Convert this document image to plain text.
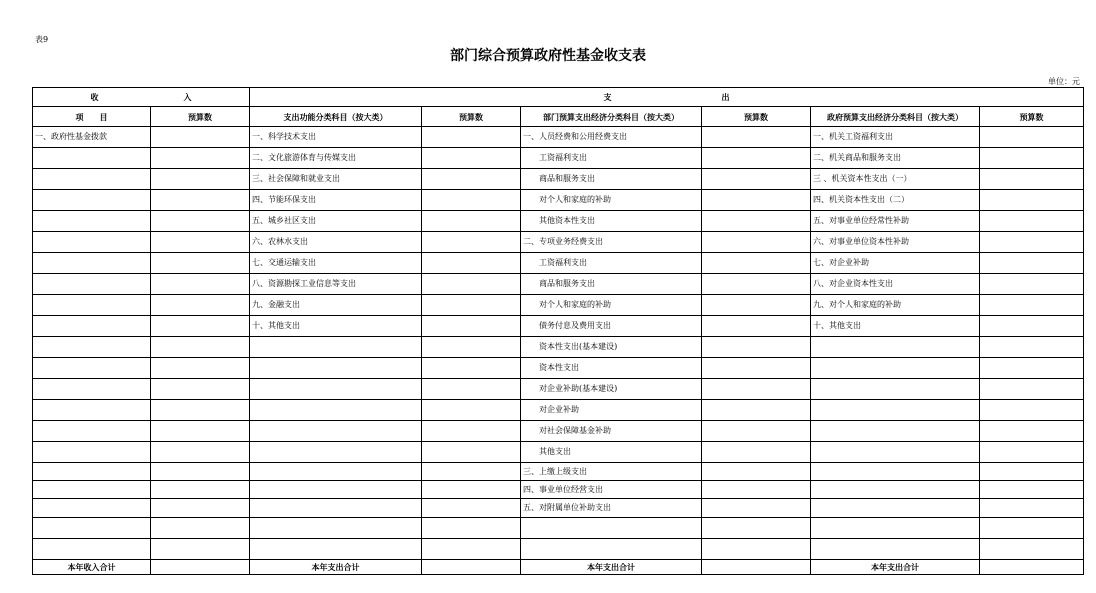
表9
部门综合预算政府性基金收支表
单位：元
收 入		支 出					
项　　目	预算数	支出功能分类科目（按大类）	预算数	部门预算支出经济分类科目（按大类）	预算数	政府预算支出经济分类科目（按大类）	预算数
一、政府性基金拨款		一、科学技术支出		一、人员经费和公用经费支出		一、机关工资福利支出	
		二、文化旅游体育与传媒支出		工资福利支出		二、机关商品和服务支出	
		三、社会保障和就业支出		商品和服务支出		三 、机关资本性支出（一）	
		四、节能环保支出		对个人和家庭的补助		四、机关资本性支出（二）	
		五、城乡社区支出		其他资本性支出		五、对事业单位经常性补助	
		六、农林水支出		二、专项业务经费支出		六、对事业单位资本性补助	
		七、交通运输支出		工资福利支出		七、对企业补助	
		八、资源勘探工业信息等支出		商品和服务支出		八、对企业资本性支出	
		九、金融支出		对个人和家庭的补助		九、对个人和家庭的补助	
		十、其他支出		债务付息及费用支出		十、其他支出	
				资本性支出(基本建设)			
				资本性支出			
				对企业补助(基本建设)			
				对企业补助			
				对社会保障基金补助			
				其他支出			
				三、上缴上级支出			
				四、事业单位经营支出			
				五、对附属单位补助支出			

本年收入合计		本年支出合计		本年支出合计		本年支出合计	
